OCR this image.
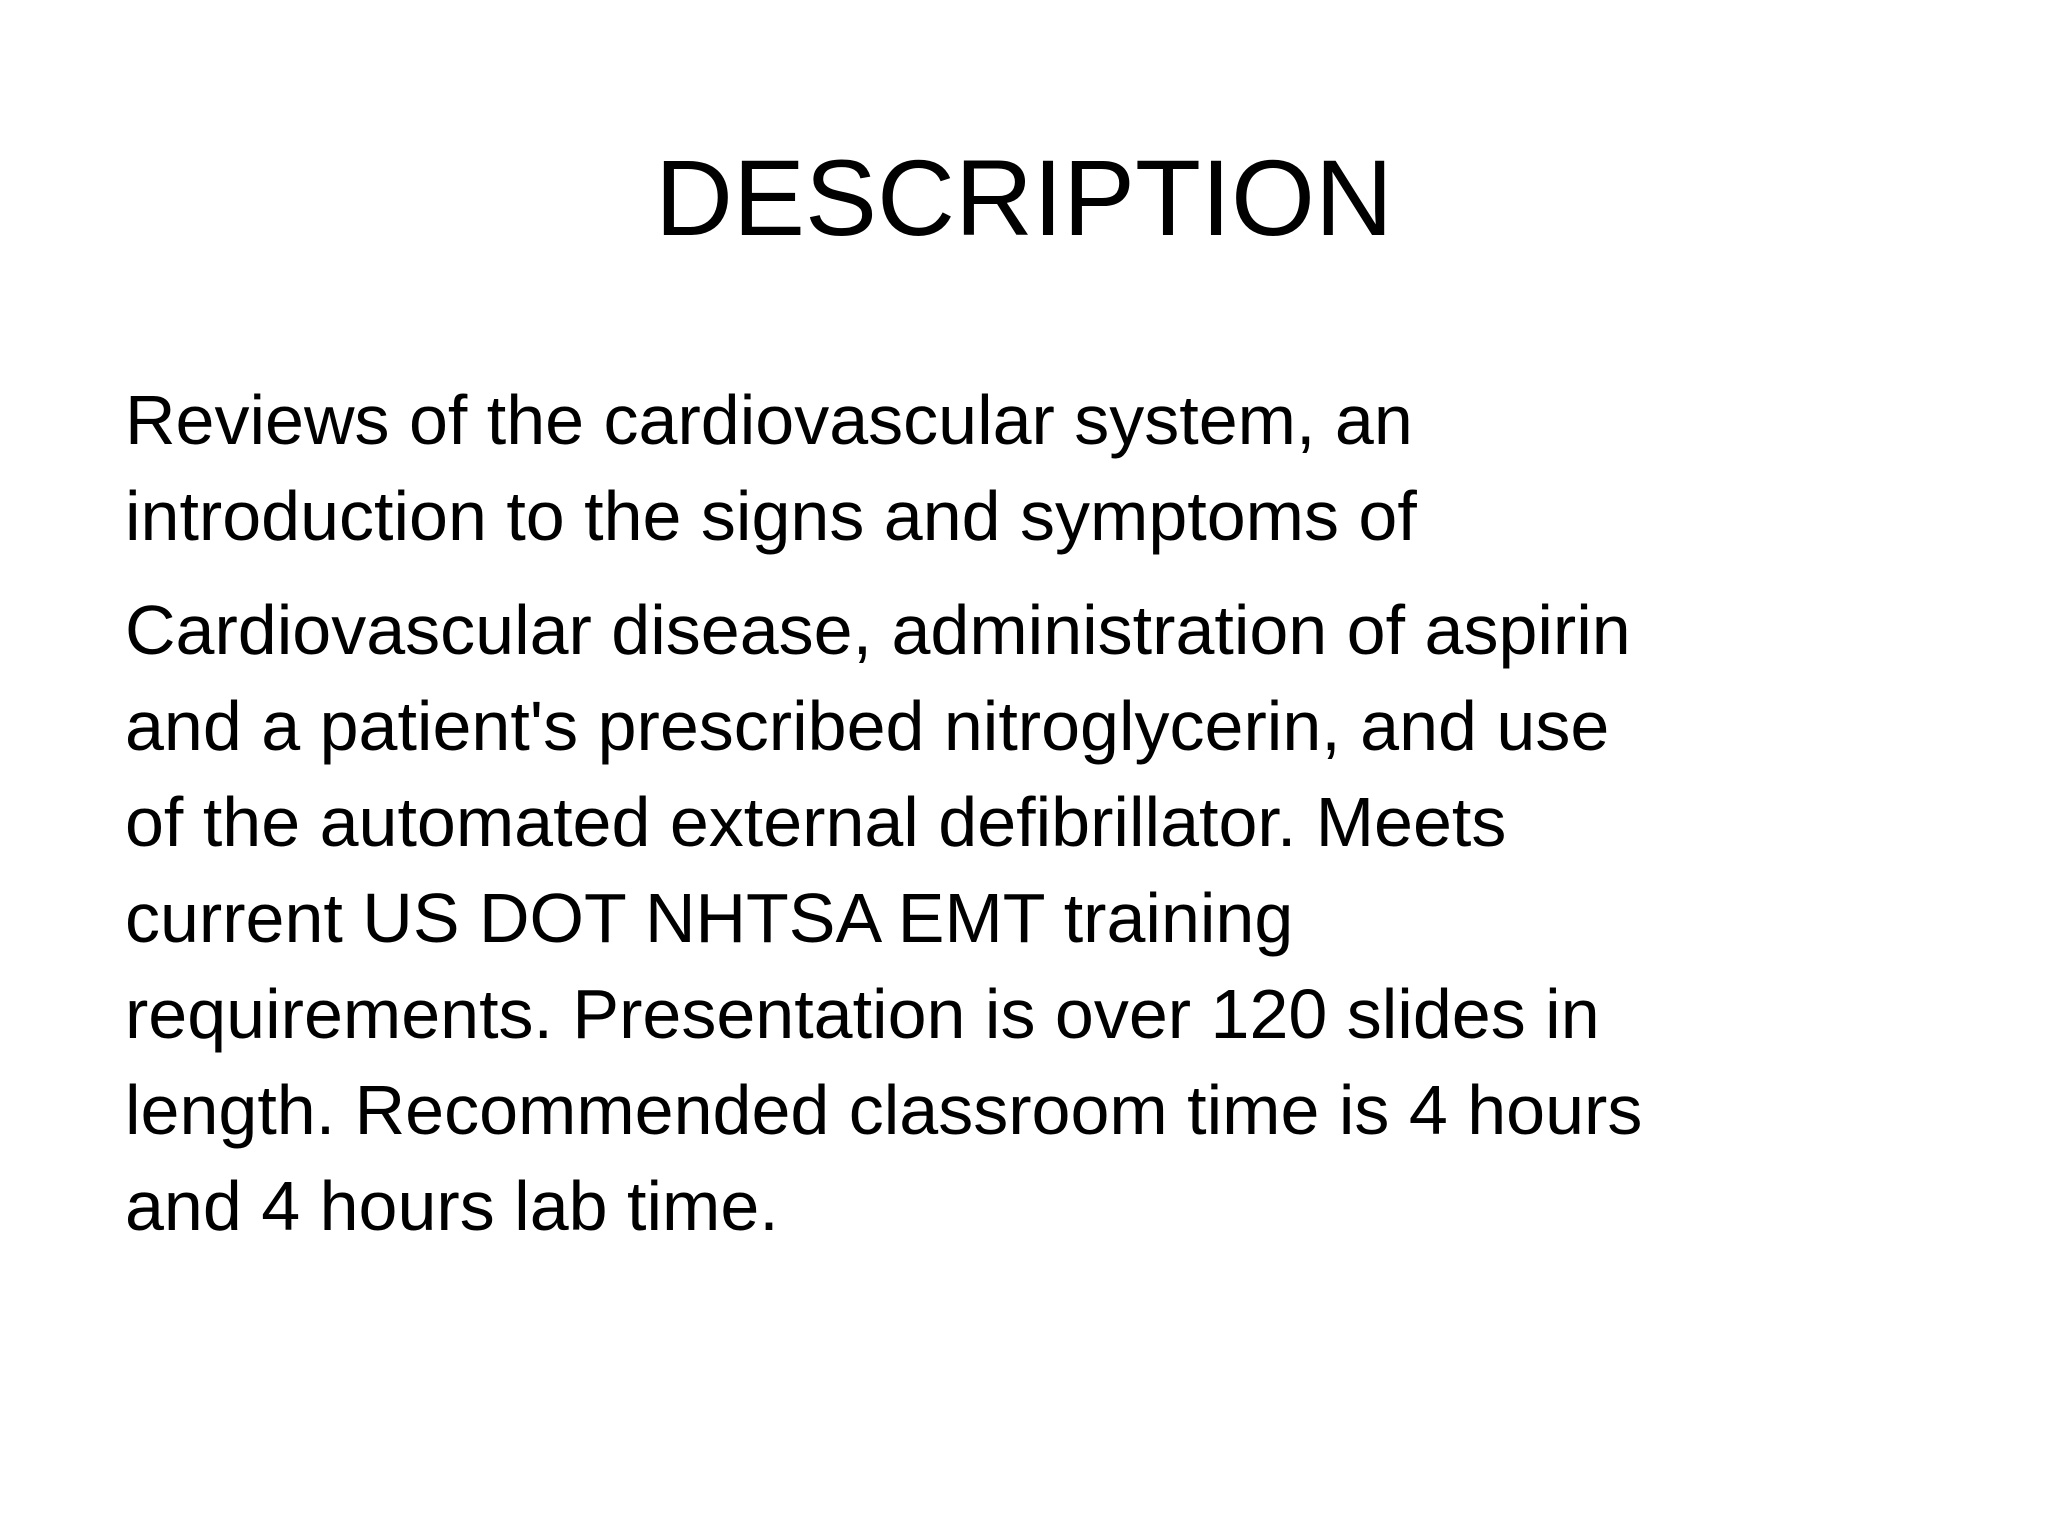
DESCRIPTION
Reviews of the cardiovascular system, an
introduction to the signs and symptoms of
Cardiovascular disease, administration of aspirin
and a patient's prescribed nitroglycerin, and use
of the automated external defibrillator. Meets
current US DOT NHTSA EMT training
requirements. Presentation is over 120 slides in
length. Recommended classroom time is 4 hours
and 4 hours lab time.
